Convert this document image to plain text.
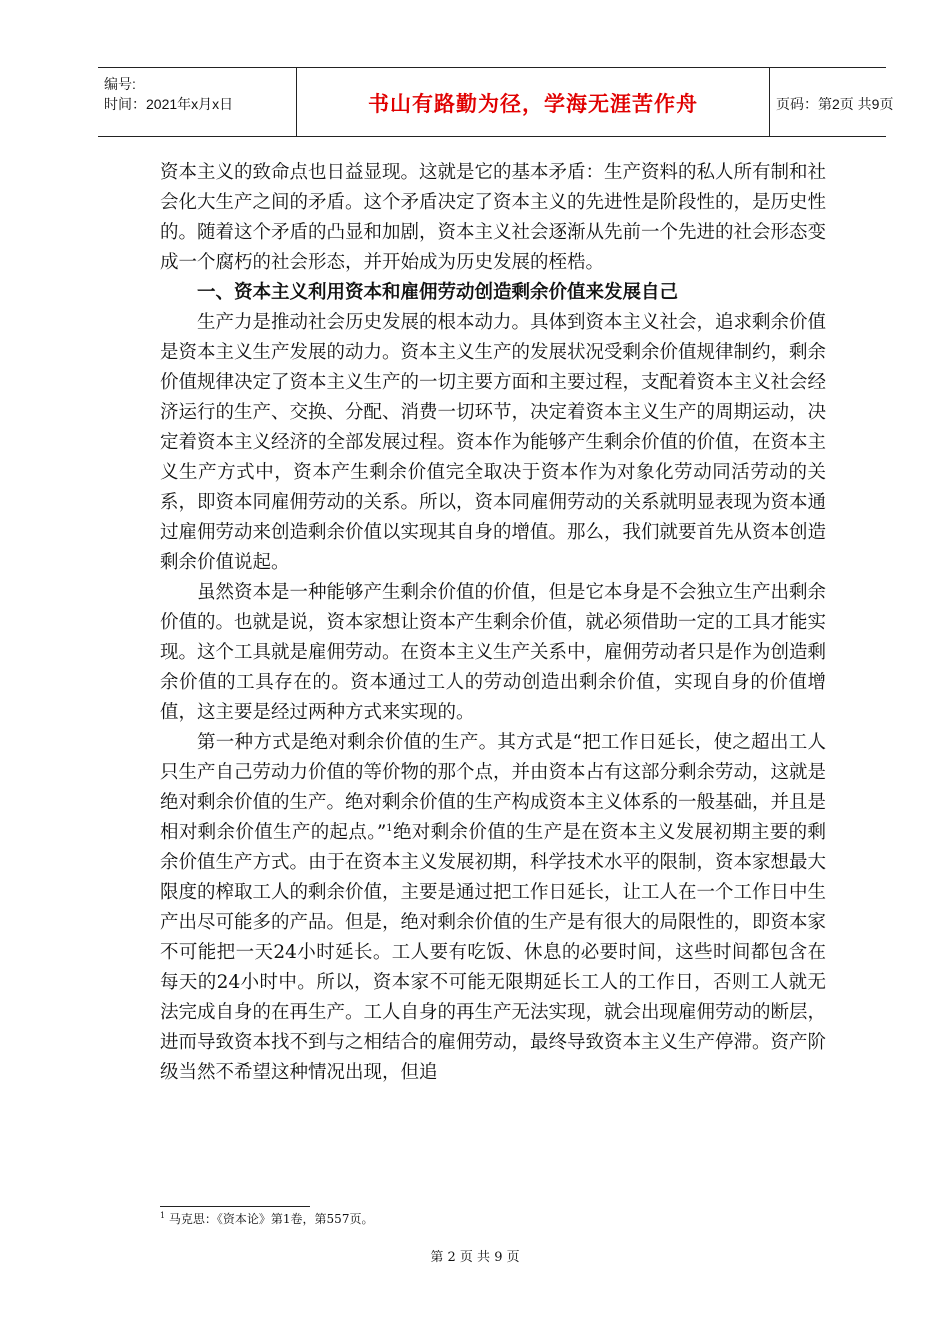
编号:
时间：2021年x月x日	书山有路勤为径，学海无涯苦作舟	页码：第2页 共9页

资本主义的致命点也日益显现。这就是它的基本矛盾：生产资料的私人所有制和社会化大生产之间的矛盾。这个矛盾决定了资本主义的先进性是阶段性的，是历史性的。随着这个矛盾的凸显和加剧，资本主义社会逐渐从先前一个先进的社会形态变成一个腐朽的社会形态，并开始成为历史发展的桎梏。

一、资本主义利用资本和雇佣劳动创造剩余价值来发展自己

生产力是推动社会历史发展的根本动力。具体到资本主义社会，追求剩余价值是资本主义生产发展的动力。资本主义生产的发展状况受剩余价值规律制约，剩余价值规律决定了资本主义生产的一切主要方面和主要过程，支配着资本主义社会经济运行的生产、交换、分配、消费一切环节，决定着资本主义生产的周期运动，决定着资本主义经济的全部发展过程。资本作为能够产生剩余价值的价值，在资本主义生产方式中，资本产生剩余价值完全取决于资本作为对象化劳动同活劳动的关系，即资本同雇佣劳动的关系。所以，资本同雇佣劳动的关系就明显表现为资本通过雇佣劳动来创造剩余价值以实现其自身的增值。那么，我们就要首先从资本创造剩余价值说起。

虽然资本是一种能够产生剩余价值的价值，但是它本身是不会独立生产出剩余价值的。也就是说，资本家想让资本产生剩余价值，就必须借助一定的工具才能实现。这个工具就是雇佣劳动。在资本主义生产关系中，雇佣劳动者只是作为创造剩余价值的工具存在的。资本通过工人的劳动创造出剩余价值，实现自身的价值增值，这主要是经过两种方式来实现的。

第一种方式是绝对剩余价值的生产。其方式是“把工作日延长，使之超出工人只生产自己劳动力价值的等价物的那个点，并由资本占有这部分剩余劳动，这就是绝对剩余价值的生产。绝对剩余价值的生产构成资本主义体系的一般基础，并且是相对剩余价值生产的起点。”$^1$绝对剩余价值的生产是在资本主义发展初期主要的剩余价值生产方式。由于在资本主义发展初期，科学技术水平的限制，资本家想最大限度的榨取工人的剩余价值，主要是通过把工作日延长，让工人在一个工作日中生产出尽可能多的产品。但是，绝对剩余价值的生产是有很大的局限性的，即资本家不可能把一天24小时延长。工人要有吃饭、休息的必要时间，这些时间都包含在每天的24小时中。所以，资本家不可能无限期延长工人的工作日，否则工人就无法完成自身的在再生产。工人自身的再生产无法实现，就会出现雇佣劳动的断层，进而导致资本找不到与之相结合的雇佣劳动，最终导致资本主义生产停滞。资产阶级当然不希望这种情况出现，但追

$^1$ 马克思：《资本论》第1卷，第557页。
第 2 页 共 9 页
